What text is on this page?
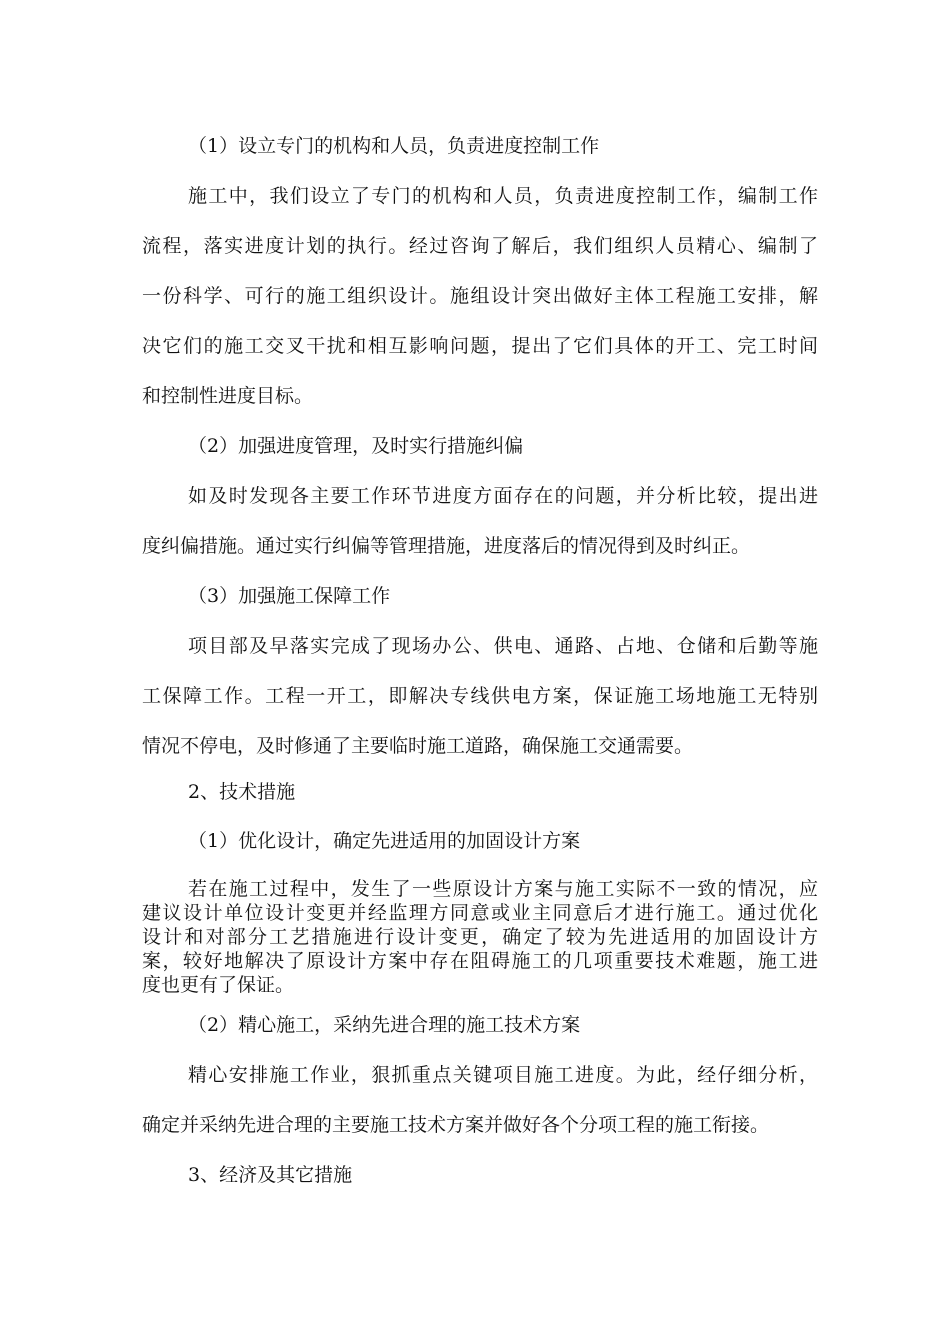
（1）设立专门的机构和人员，负责进度控制工作
施工中，我们设立了专门的机构和人员，负责进度控制工作，编制工作
流程，落实进度计划的执行。经过咨询了解后，我们组织人员精心、编制了
一份科学、可行的施工组织设计。施组设计突出做好主体工程施工安排，解
决它们的施工交叉干扰和相互影响问题，提出了它们具体的开工、完工时间
和控制性进度目标。
（2）加强进度管理，及时实行措施纠偏
如及时发现各主要工作环节进度方面存在的问题，并分析比较，提出进
度纠偏措施。通过实行纠偏等管理措施，进度落后的情况得到及时纠正。
（3）加强施工保障工作
项目部及早落实完成了现场办公、供电、通路、占地、仓储和后勤等施
工保障工作。工程一开工，即解决专线供电方案，保证施工场地施工无特别
情况不停电，及时修通了主要临时施工道路，确保施工交通需要。
2、技术措施
（1）优化设计，确定先进适用的加固设计方案
若在施工过程中，发生了一些原设计方案与施工实际不一致的情况，应
建议设计单位设计变更并经监理方同意或业主同意后才进行施工。通过优化
设计和对部分工艺措施进行设计变更，确定了较为先进适用的加固设计方
案，较好地解决了原设计方案中存在阻碍施工的几项重要技术难题，施工进
度也更有了保证。
（2）精心施工，采纳先进合理的施工技术方案
精心安排施工作业，狠抓重点关键项目施工进度。为此，经仔细分析，
确定并采纳先进合理的主要施工技术方案并做好各个分项工程的施工衔接。
3、经济及其它措施
